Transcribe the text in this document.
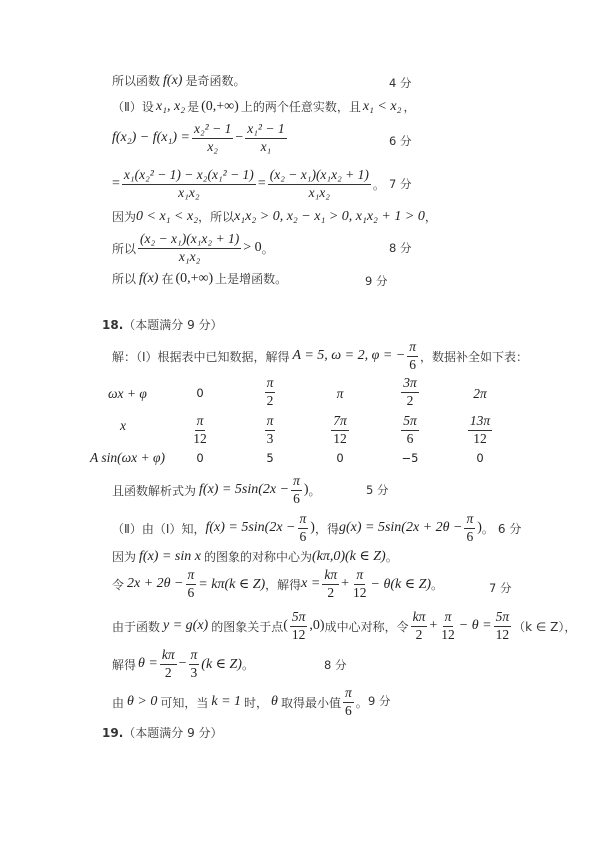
所以函数 f(x) 是奇函数。	4 分
（Ⅱ）设 x₁, x₂ 是 (0,+∞) 上的两个任意实数，且 x₁ < x₂ ，
$f(x_2) - f(x_1) = \frac{\text{x₂² − 1}}{\text{x₂}} - \frac{\text{x₁² − 1}}{\text{x₁}}$	6 分
= $\frac{\text{x₁(x₂² − 1) − x₂(x₁² − 1)}}{\text{x₁x₂}} = \frac{\text{(x₂ − x₁)(x₁x₂ + 1)}}{\text{x₁x₂}}$ 。 7 分
因为 0 < x₁ < x₂ ，所以 x₁x₂ > 0, x₂ − x₁ > 0, x₁x₂ + 1 > 0 ，
所以 $\frac{\text{(x₂ − x₁)(x₁x₂ + 1)}}{\text{x₁x₂}} > 0$ 。	8 分
所以 f(x) 在 (0,+∞) 上是增函数。	9 分
18. （本题满分 9 分）
解：（Ⅰ）根据表中已知数据，解得 A = 5, ω = 2, φ = − $\frac{\pi}{6}$ ，数据补全如下表：
ωx + φ	0	$\frac{\pi}{2}$	π	$\frac{3\pi}{2}$	2π
x	$\frac{\pi}{12}$	$\frac{\pi}{3}$	$\frac{7\pi}{12}$	$\frac{5\pi}{6}$	$\frac{13\pi}{12}$
A sin(ωx + φ)	0	5	0	−5	0
且函数解析式为 $f(x) = 5\sin(2x - \frac{\pi}{6}$ ) 。	5 分
（Ⅱ）由（Ⅰ）知， $f(x) = 5\sin(2x - \frac{\pi}{6}$ ) ，得 $g(x) = 5\sin(2x + 2\theta - \frac{\pi}{6}$ ) 。 6 分
因为 f(x) = sin x 的图象的对称中心为 (kπ,0)(k ∈ Z) 。
令 $2x + 2\theta - \frac{\pi}{6} = k\pi(k$ ∈ Z) ，解得 $x = \frac{k\pi}{2} + \frac{\pi}{12} - \theta(k$ ∈ Z) 。	7 分
由于函数 y = g(x) 的图象关于点 ( $\frac{5\pi}{12} ,0$) 成中心对称，令 $\frac{k\pi}{2} + \frac{\pi}{12} - \theta = \frac{5\pi}{12} (k$ ∈ Z），
解得 $\theta = \frac{k\pi}{2} - \frac{\pi}{3} (k$ ∈ Z) 。	8 分
由 θ > 0 可知，当 k = 1 时， θ 取得最小值 $\frac{\pi}{6}$ 。 9 分
19. （本题满分 9 分）
